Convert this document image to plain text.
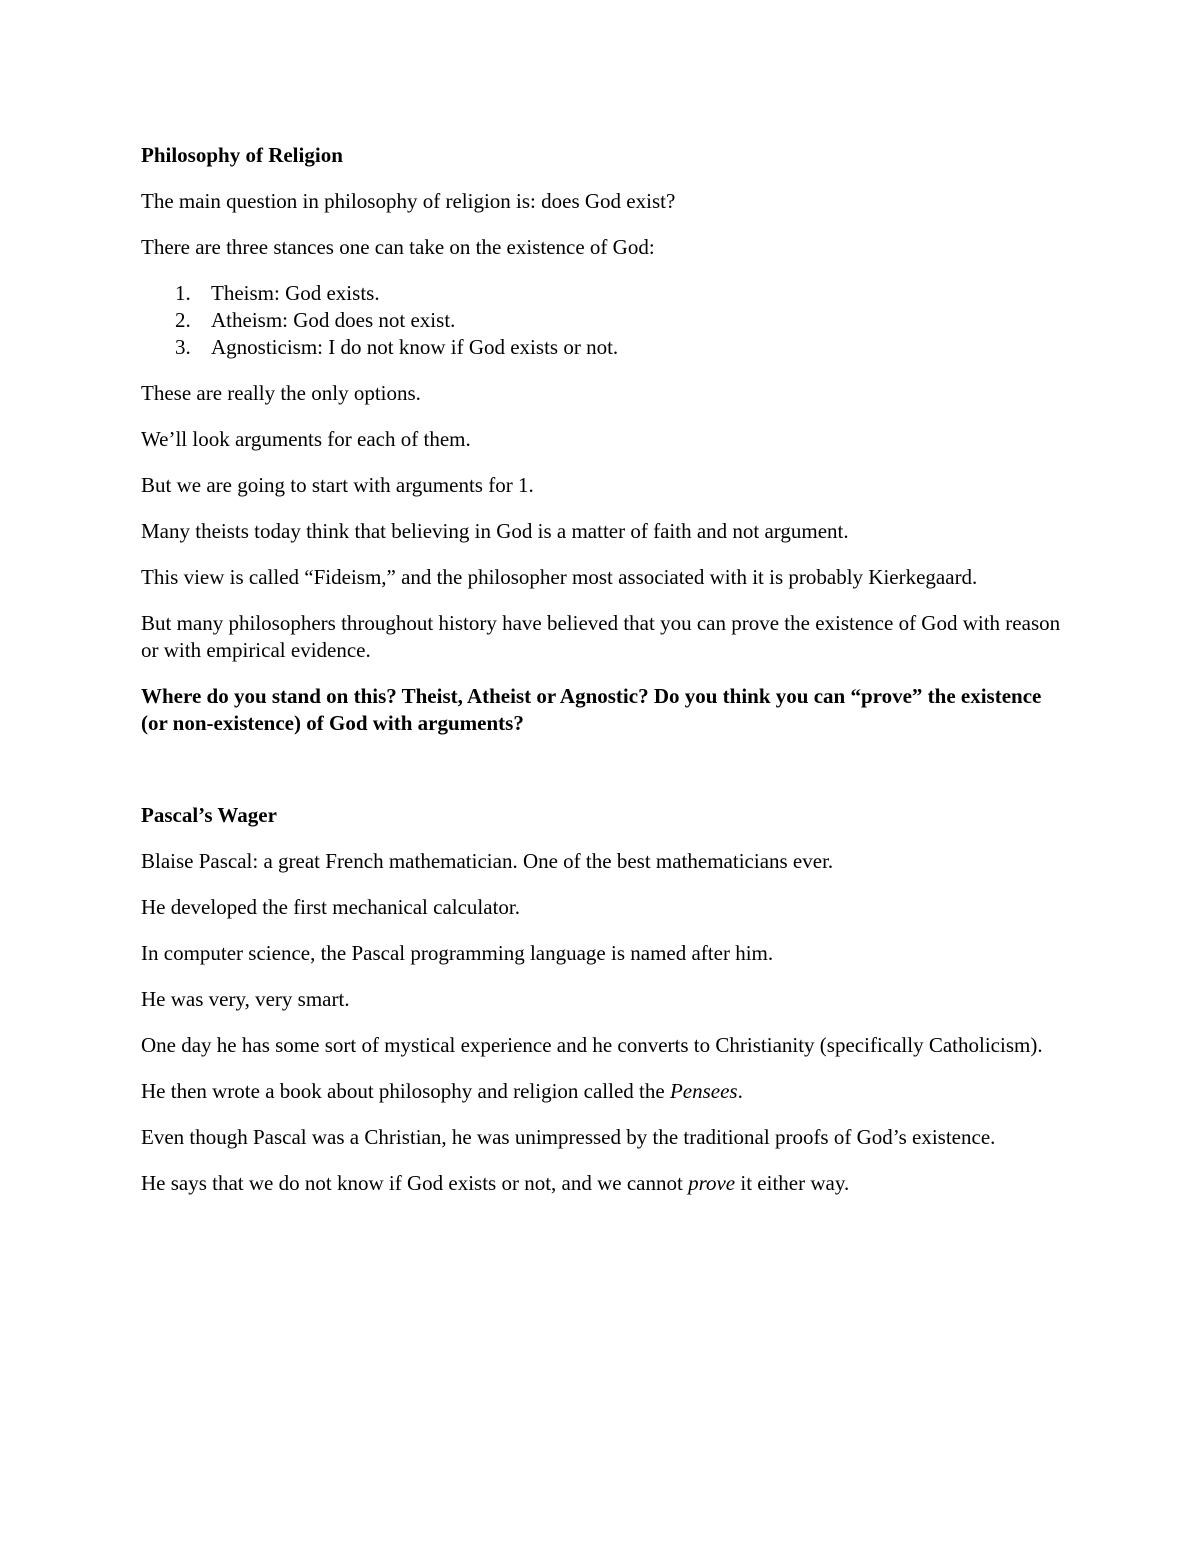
Philosophy of Religion

The main question in philosophy of religion is: does God exist?

There are three stances one can take on the existence of God:

1. Theism: God exists.
2. Atheism: God does not exist.
3. Agnosticism: I do not know if God exists or not.

These are really the only options.

We’ll look arguments for each of them.

But we are going to start with arguments for 1.

Many theists today think that believing in God is a matter of faith and not argument.

This view is called “Fideism,” and the philosopher most associated with it is probably Kierkegaard.

But many philosophers throughout history have believed that you can prove the existence of God with reason or with empirical evidence.

Where do you stand on this? Theist, Atheist or Agnostic? Do you think you can “prove” the existence (or non-existence) of God with arguments?

Pascal’s Wager

Blaise Pascal: a great French mathematician. One of the best mathematicians ever.

He developed the first mechanical calculator.

In computer science, the Pascal programming language is named after him.

He was very, very smart.

One day he has some sort of mystical experience and he converts to Christianity (specifically Catholicism).

He then wrote a book about philosophy and religion called the Pensees.

Even though Pascal was a Christian, he was unimpressed by the traditional proofs of God’s existence.

He says that we do not know if God exists or not, and we cannot prove it either way.
